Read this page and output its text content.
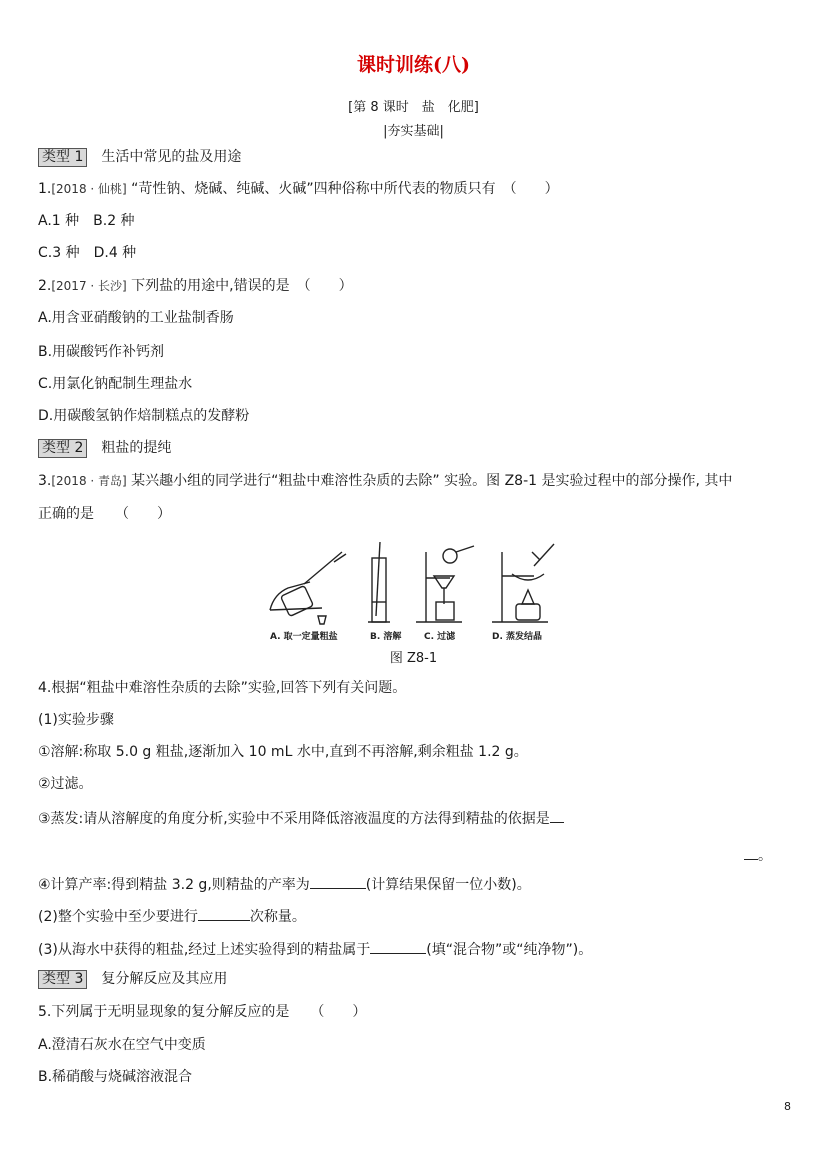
课时训练(八)
[第 8 课时　盐　化肥]
|夯实基础|
类型 1 生活中常见的盐及用途
1.[2018 · 仙桃] “苛性钠、烧碱、纯碱、火碱”四种俗称中所代表的物质只有　（　　）
A.1 种　 B.2 种
C.3 种　 D.4 种
2.[2017 · 长沙] 下列盐的用途中,错误的是　（　　）
A.用含亚硝酸钠的工业盐制香肠
B.用碳酸钙作补钙剂
C.用氯化钠配制生理盐水
D.用碳酸氢钠作焙制糕点的发酵粉
类型 2 粗盐的提纯
3.[2018 · 青岛] 某兴趣小组的同学进行“粗盐中难溶性杂质的去除” 实验。图 Z8-1 是实验过程中的部分操作, 其中
正确的是　　（　　）
A. 取一定量粗盐	B. 溶解	C. 过滤	D. 蒸发结晶
图 Z8-1
4.根据“粗盐中难溶性杂质的去除”实验,回答下列有关问题。
(1)实验步骤
①溶解:称取 5.0 g 粗盐,逐渐加入 10 mL 水中,直到不再溶解,剩余粗盐 1.2 g。
②过滤。
③蒸发:请从溶解度的角度分析,实验中不采用降低溶液温度的方法得到精盐的依据是
。
④计算产率:得到精盐 3.2 g,则精盐的产率为	(计算结果保留一位小数)。
(2)整个实验中至少要进行	次称量。
(3)从海水中获得的粗盐,经过上述实验得到的精盐属于	(填“混合物”或“纯净物”)。
类型 3 复分解反应及其应用
5.下列属于无明显现象的复分解反应的是　　（　　）
A.澄清石灰水在空气中变质
B.稀硝酸与烧碱溶液混合
8
